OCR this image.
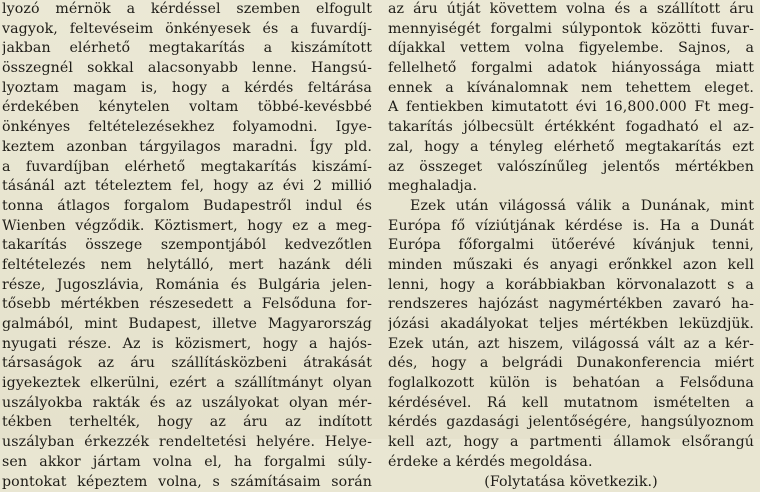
lyozó mérnök a kérdéssel szemben elfogult
vagyok, feltevéseim önkényesek és a fuvardíj-
jakban elérhető megtakarítás a kiszámított
összegnél sokkal alacsonyabb lenne. Hangsú-
lyoztam magam is, hogy a kérdés feltárása
érdekében kénytelen voltam többé-kevésbbé
önkényes feltételezésekhez folyamodni. Igye-
keztem azonban tárgyilagos maradni. Így pld.
a fuvardíjban elérhető megtakarítás kiszámí-
tásánál azt tételeztem fel, hogy az évi 2 millió
tonna átlagos forgalom Budapestről indul és
Wienben végződik. Köztismert, hogy ez a meg-
takarítás összege szempontjából kedvezőtlen
feltételezés nem helytálló, mert hazánk déli
része, Jugoszlávia, Románia és Bulgária jelen-
tősebb mértékben részesedett a Felsőduna for-
galmából, mint Budapest, illetve Magyarország
nyugati része. Az is közismert, hogy a hajós-
társaságok az áru szállításközbeni átrakását
igyekeztek elkerülni, ezért a szállítmányt olyan
uszályokba rakták és az uszályokat olyan mér-
tékben terhelték, hogy az áru az indított
uszályban érkezzék rendeltetési helyére. Helye-
sen akkor jártam volna el, ha forgalmi súly-
pontokat képeztem volna, s számításaim során
az áru útját követtem volna és a szállított áru
mennyiségét forgalmi súlypontok közötti fuvar-
díjakkal vettem volna figyelembe. Sajnos, a
fellelhető forgalmi adatok hiányossága miatt
ennek a kívánalomnak nem tehettem eleget.
A fentiekben kimutatott évi 16,800.000 Ft meg-
takarítás jólbecsült értékként fogadható el az-
zal, hogy a tényleg elérhető megtakarítás ezt
az összeget valószínűleg jelentős mértékben
meghaladja.
Ezek után világossá válik a Dunának, mint
Európa fő víziútjának kérdése is. Ha a Dunát
Európa főforgalmi ütőerévé kívánjuk tenni,
minden műszaki és anyagi erőnkkel azon kell
lenni, hogy a korábbiakban körvonalazott s a
rendszeres hajózást nagymértékben zavaró ha-
józási akadályokat teljes mértékben leküzdjük.
Ezek után, azt hiszem, világossá vált az a kér-
dés, hogy a belgrádi Dunakonferencia miért
foglalkozott külön is behatóan a Felsőduna
kérdésével. Rá kell mutatnom ismételten a
kérdés gazdasági jelentőségére, hangsúlyoznom
kell azt, hogy a partmenti államok elsőrangú
érdeke a kérdés megoldása.
(Folytatása következik.)
